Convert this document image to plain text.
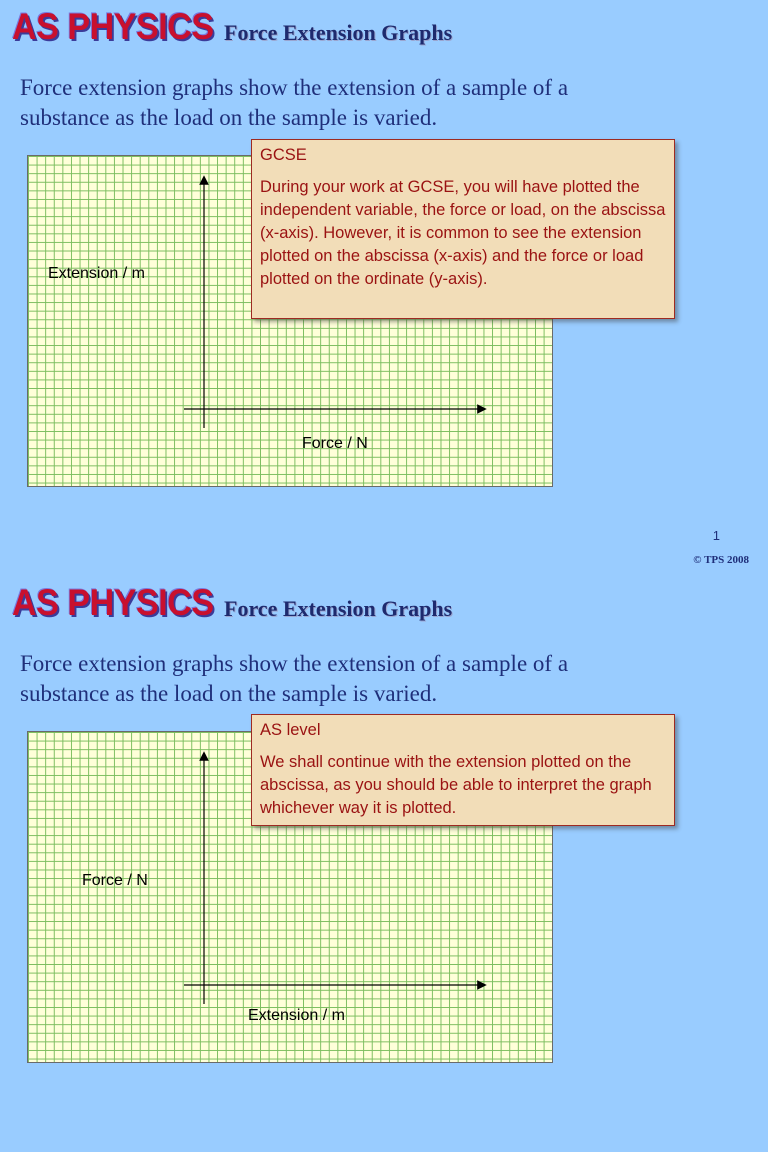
AS PHYSICS Force Extension Graphs
Force extension graphs show the extension of a sample of a substance as the load on the sample is varied.
Extension / m
Force / N
GCSE
During your work at GCSE, you will have plotted the independent variable, the force or load, on the abscissa (x-axis). However, it is common to see the extension plotted on the abscissa (x-axis) and the force or load plotted on the ordinate (y-axis).
1
© TPS 2008
AS PHYSICS Force Extension Graphs
Force extension graphs show the extension of a sample of a substance as the load on the sample is varied.
Force / N
Extension / m
AS level
We shall continue with the extension plotted on the abscissa, as you should be able to interpret the graph whichever way it is plotted.
